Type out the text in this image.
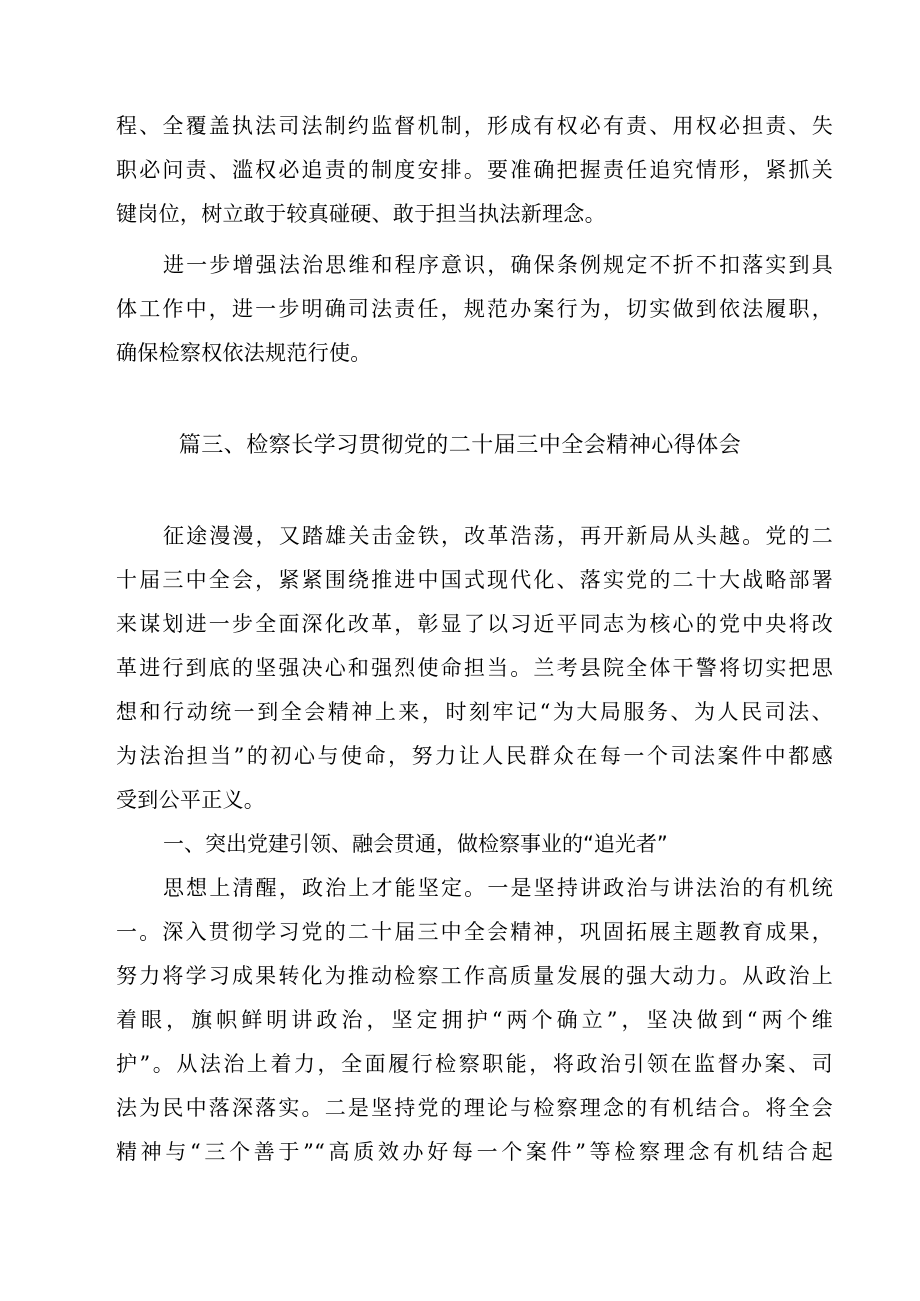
程、全覆盖执法司法制约监督机制，形成有权必有责、用权必担责、失
职必问责、滥权必追责的制度安排。要准确把握责任追究情形，紧抓关
键岗位，树立敢于较真碰硬、敢于担当执法新理念。
进一步增强法治思维和程序意识，确保条例规定不折不扣落实到具
体工作中，进一步明确司法责任，规范办案行为，切实做到依法履职，
确保检察权依法规范行使。
篇三、检察长学习贯彻党的二十届三中全会精神心得体会
征途漫漫，又踏雄关击金铁，改革浩荡，再开新局从头越。党的二
十届三中全会，紧紧围绕推进中国式现代化、落实党的二十大战略部署
来谋划进一步全面深化改革，彰显了以习近平同志为核心的党中央将改
革进行到底的坚强决心和强烈使命担当。兰考县院全体干警将切实把思
想和行动统一到全会精神上来，时刻牢记“为大局服务、为人民司法、
为法治担当”的初心与使命，努力让人民群众在每一个司法案件中都感
受到公平正义。
一、突出党建引领、融会贯通，做检察事业的“追光者”
思想上清醒，政治上才能坚定。一是坚持讲政治与讲法治的有机统
一。深入贯彻学习党的二十届三中全会精神，巩固拓展主题教育成果，
努力将学习成果转化为推动检察工作高质量发展的强大动力。从政治上
着眼，旗帜鲜明讲政治，坚定拥护“两个确立”，坚决做到“两个维
护”。从法治上着力，全面履行检察职能，将政治引领在监督办案、司
法为民中落深落实。二是坚持党的理论与检察理念的有机结合。将全会
精神与“三个善于”“高质效办好每一个案件”等检察理念有机结合起
